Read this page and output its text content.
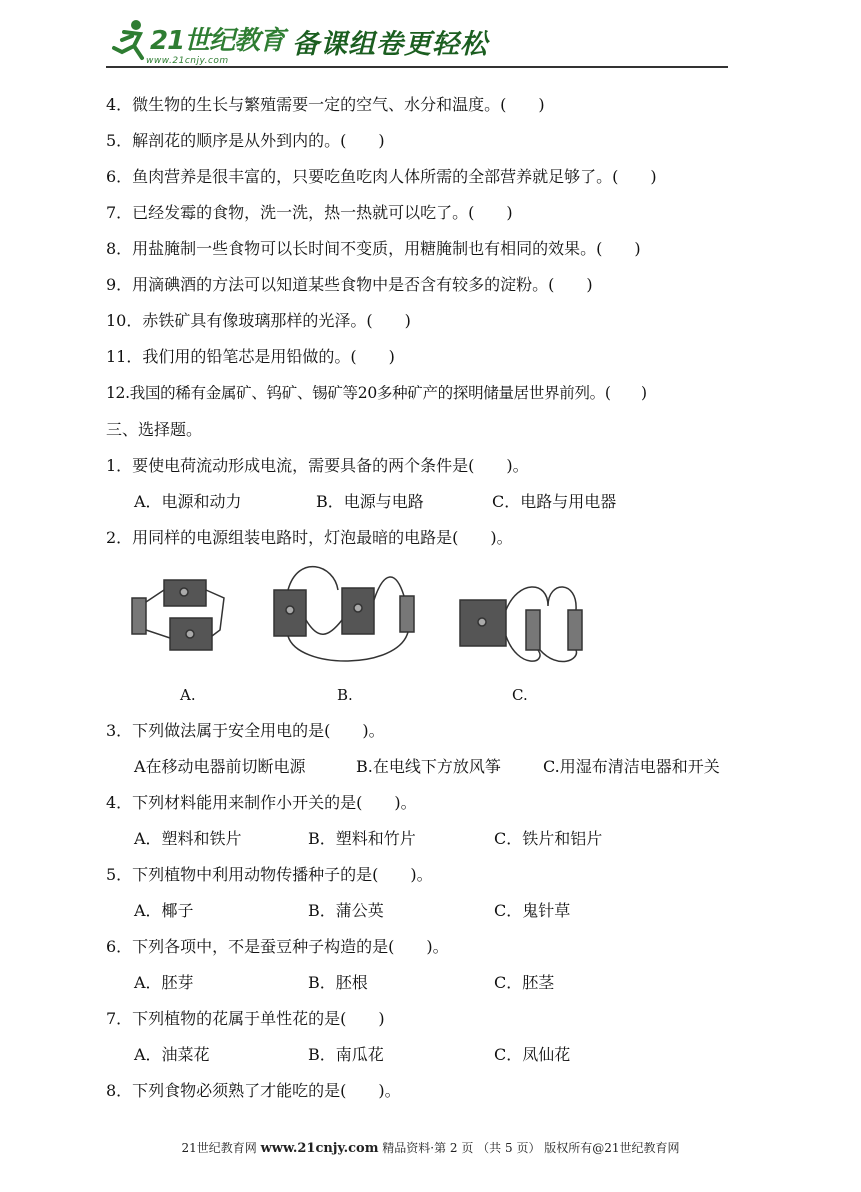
21世纪教育
www.21cnjy.com
备课组卷更轻松
4．微生物的生长与繁殖需要一定的空气、水分和温度。(　　)
5．解剖花的顺序是从外到内的。(　　)
6．鱼肉营养是很丰富的，只要吃鱼吃肉人体所需的全部营养就足够了。(　　)
7．已经发霉的食物，洗一洗，热一热就可以吃了。(　　)
8．用盐腌制一些食物可以长时间不变质，用糖腌制也有相同的效果。(　　)
9．用滴碘酒的方法可以知道某些食物中是否含有较多的淀粉。(　　)
10．赤铁矿具有像玻璃那样的光泽。(　　)
11．我们用的铅笔芯是用铅做的。(　　)
12.我国的稀有金属矿、钨矿、锡矿等20多种矿产的探明储量居世界前列。(　　)
三、选择题。
1．要使电荷流动形成电流，需要具备的两个条件是(　　)。
A．电源和动力	B．电源与电路	C．电路与用电器
2．用同样的电源组装电路时，灯泡最暗的电路是(　　)。
A.	B.	C.
3．下列做法属于安全用电的是(　　)。
A在移动电器前切断电源	B.在电线下方放风筝	C.用湿布清洁电器和开关
4．下列材料能用来制作小开关的是(　　)。
A．塑料和铁片	B．塑料和竹片	C．铁片和铝片
5．下列植物中利用动物传播种子的是(　　)。
A．椰子	B．蒲公英	C．鬼针草
6．下列各项中，不是蚕豆种子构造的是(　　)。
A．胚芽	B．胚根	C．胚茎
7．下列植物的花属于单性花的是(　　)
A．油菜花	B．南瓜花	C．凤仙花
8．下列食物必须熟了才能吃的是(　　)。
21世纪教育网 www.21cnjy.com 精品资料·第 2 页 （共 5 页） 版权所有@21世纪教育网
